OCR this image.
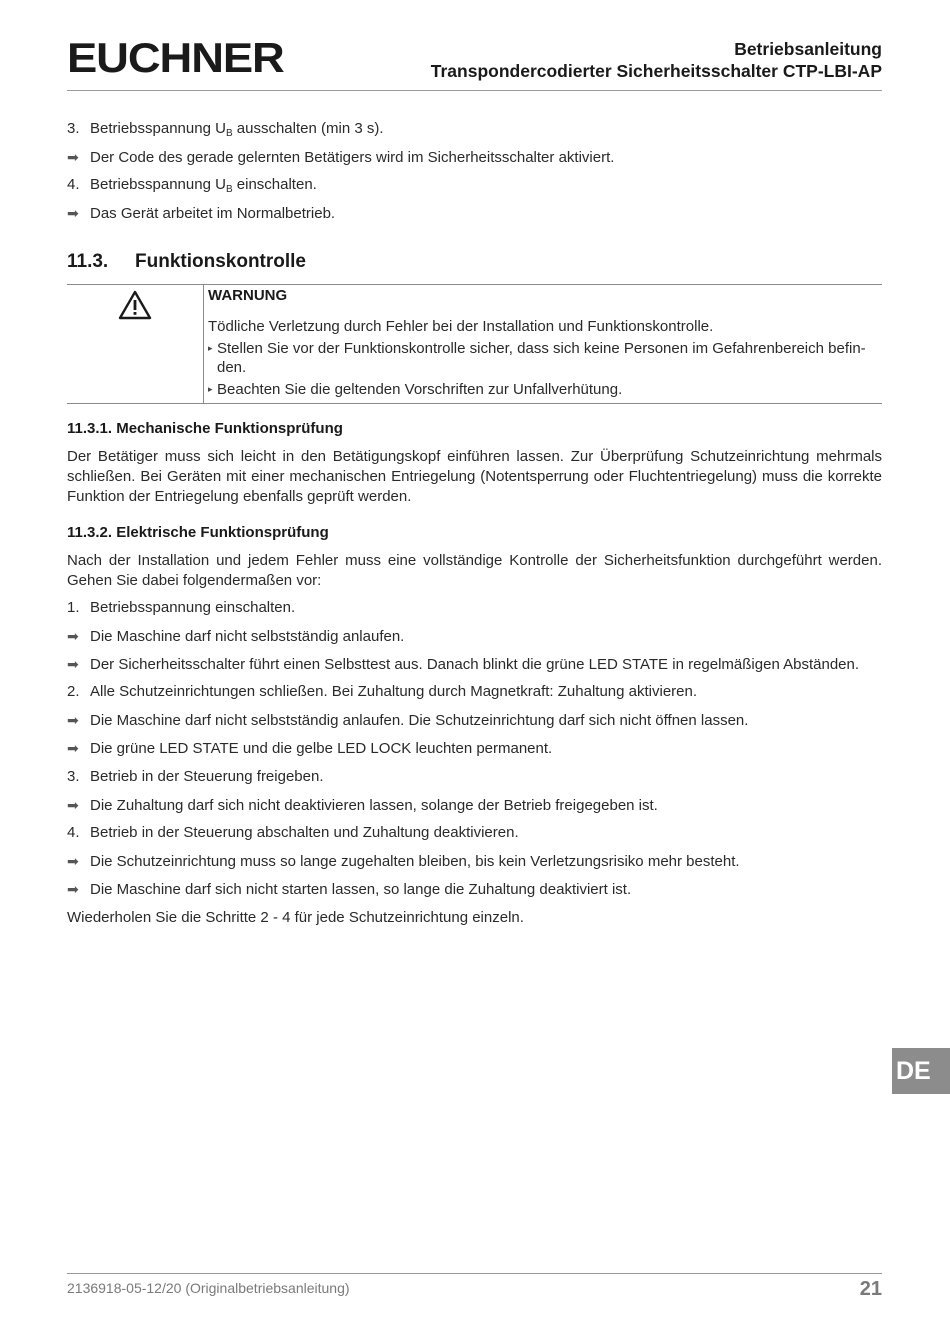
EUCHNER	Betriebsanleitung
Transpondercodierter Sicherheitsschalter CTP-LBI-AP
3. Betriebsspannung $U_B$ ausschalten (min 3 s).
➡ Der Code des gerade gelernten Betätigers wird im Sicherheitsschalter aktiviert.
4. Betriebsspannung $U_B$ einschalten.
➡ Das Gerät arbeitet im Normalbetrieb.
11.3. Funktionskontrolle
WARNUNG
Tödliche Verletzung durch Fehler bei der Installation und Funktionskontrolle.
▸ Stellen Sie vor der Funktionskontrolle sicher, dass sich keine Personen im Gefahrenbereich befin-
den.
▸ Beachten Sie die geltenden Vorschriften zur Unfallverhütung.
11.3.1. Mechanische Funktionsprüfung
Der Betätiger muss sich leicht in den Betätigungskopf einführen lassen. Zur Überprüfung Schutzeinrichtung mehrmals schließen. Bei Geräten mit einer mechanischen Entriegelung (Notentsperrung oder Fluchtentriegelung) muss die korrekte Funktion der Entriegelung ebenfalls geprüft werden.
11.3.2. Elektrische Funktionsprüfung
Nach der Installation und jedem Fehler muss eine vollständige Kontrolle der Sicherheitsfunktion durchgeführt werden. Gehen Sie dabei folgendermaßen vor:
1. Betriebsspannung einschalten.
➡ Die Maschine darf nicht selbstständig anlaufen.
➡ Der Sicherheitsschalter führt einen Selbsttest aus. Danach blinkt die grüne LED STATE in regelmäßigen Abständen.
2. Alle Schutzeinrichtungen schließen. Bei Zuhaltung durch Magnetkraft: Zuhaltung aktivieren.
➡ Die Maschine darf nicht selbstständig anlaufen. Die Schutzeinrichtung darf sich nicht öffnen lassen.
➡ Die grüne LED STATE und die gelbe LED LOCK leuchten permanent.
3. Betrieb in der Steuerung freigeben.
➡ Die Zuhaltung darf sich nicht deaktivieren lassen, solange der Betrieb freigegeben ist.
4. Betrieb in der Steuerung abschalten und Zuhaltung deaktivieren.
➡ Die Schutzeinrichtung muss so lange zugehalten bleiben, bis kein Verletzungsrisiko mehr besteht.
➡ Die Maschine darf sich nicht starten lassen, so lange die Zuhaltung deaktiviert ist.
Wiederholen Sie die Schritte 2 - 4 für jede Schutzeinrichtung einzeln.
DE
2136918-05-12/20 (Originalbetriebsanleitung)	21
